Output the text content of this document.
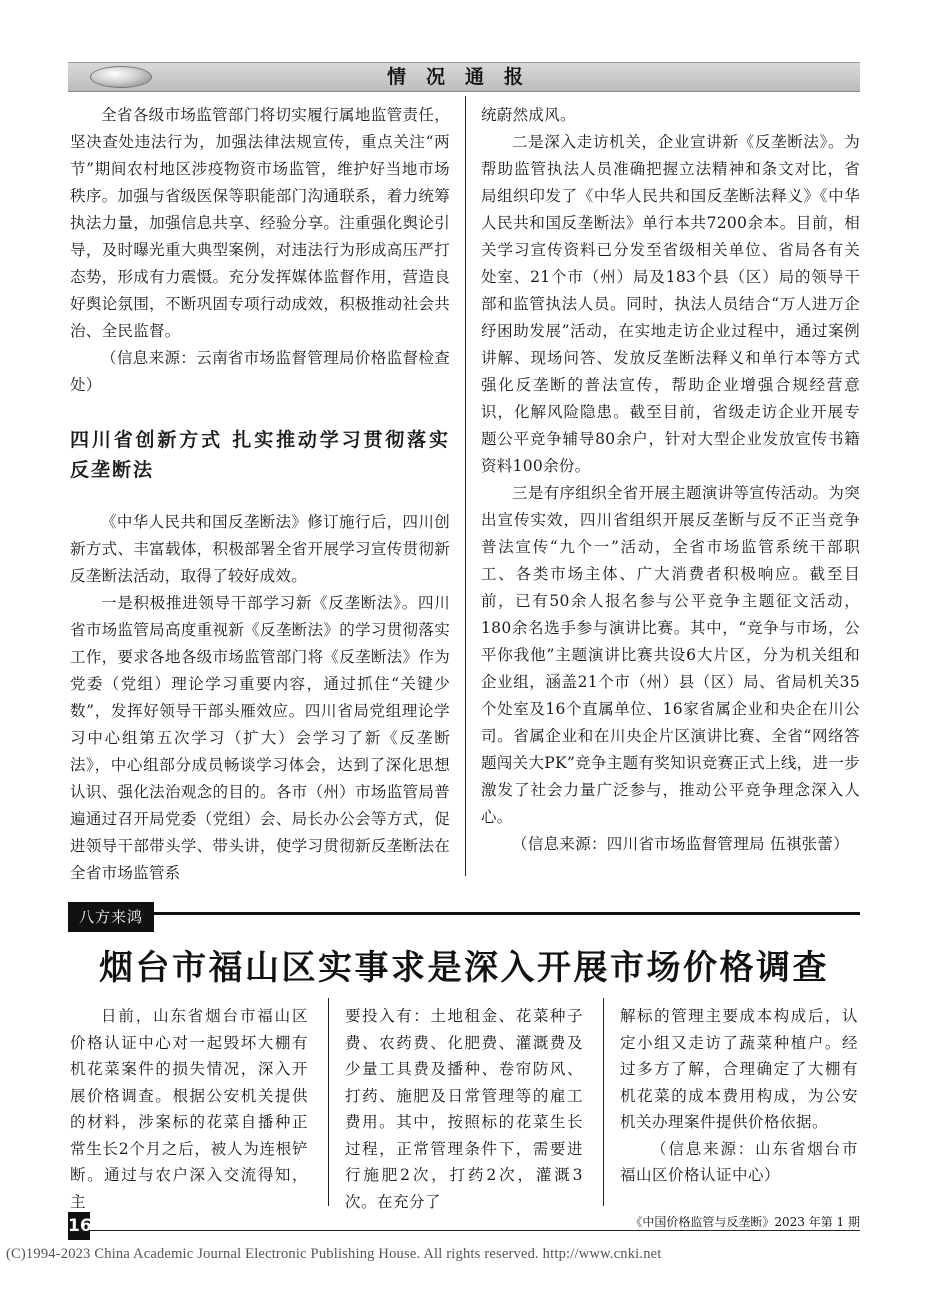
情况通报

全省各级市场监管部门将切实履行属地监管责任，坚决查处违法行为，加强法律法规宣传，重点关注“两节”期间农村地区涉疫物资市场监管，维护好当地市场秩序。加强与省级医保等职能部门沟通联系，着力统筹执法力量，加强信息共享、经验分享。注重强化舆论引导，及时曝光重大典型案例，对违法行为形成高压严打态势，形成有力震慑。充分发挥媒体监督作用，营造良好舆论氛围，不断巩固专项行动成效，积极推动社会共治、全民监督。

（信息来源：云南省市场监督管理局价格监督检查处）

四川省创新方式 扎实推动学习贯彻落实反垄断法

《中华人民共和国反垄断法》修订施行后，四川创新方式、丰富载体，积极部署全省开展学习宣传贯彻新反垄断法活动，取得了较好成效。

一是积极推进领导干部学习新《反垄断法》。四川省市场监管局高度重视新《反垄断法》的学习贯彻落实工作，要求各地各级市场监管部门将《反垄断法》作为党委（党组）理论学习重要内容，通过抓住“关键少数”，发挥好领导干部头雁效应。四川省局党组理论学习中心组第五次学习（扩大）会学习了新《反垄断法》，中心组部分成员畅谈学习体会，达到了深化思想认识、强化法治观念的目的。各市（州）市场监管局普遍通过召开局党委（党组）会、局长办公会等方式，促进领导干部带头学、带头讲，使学习贯彻新反垄断法在全省市场监管系

统蔚然成风。

二是深入走访机关，企业宣讲新《反垄断法》。为帮助监管执法人员准确把握立法精神和条文对比，省局组织印发了《中华人民共和国反垄断法释义》《中华人民共和国反垄断法》单行本共7200余本。目前，相关学习宣传资料已分发至省级相关单位、省局各有关处室、21个市（州）局及183个县（区）局的领导干部和监管执法人员。同时，执法人员结合“万人进万企 纾困助发展”活动，在实地走访企业过程中，通过案例讲解、现场问答、发放反垄断法释义和单行本等方式强化反垄断的普法宣传，帮助企业增强合规经营意识，化解风险隐患。截至目前，省级走访企业开展专题公平竞争辅导80余户，针对大型企业发放宣传书籍资料100余份。

三是有序组织全省开展主题演讲等宣传活动。为突出宣传实效，四川省组织开展反垄断与反不正当竞争普法宣传“九个一”活动，全省市场监管系统干部职工、各类市场主体、广大消费者积极响应。截至目前，已有50余人报名参与公平竞争主题征文活动，180余名选手参与演讲比赛。其中，“竞争与市场，公平你我他”主题演讲比赛共设6大片区，分为机关组和企业组，涵盖21个市（州）县（区）局、省局机关35个处室及16个直属单位、16家省属企业和央企在川公司。省属企业和在川央企片区演讲比赛、全省“网络答题闯关大PK”竞争主题有奖知识竞赛正式上线，进一步激发了社会力量广泛参与，推动公平竞争理念深入人心。

（信息来源：四川省市场监督管理局 伍祺张蕾）

八方来鸿
烟台市福山区实事求是深入开展市场价格调查

日前，山东省烟台市福山区价格认证中心对一起毁坏大棚有机花菜案件的损失情况，深入开展价格调查。根据公安机关提供的材料，涉案标的花菜自播种正常生长2个月之后，被人为连根铲断。通过与农户深入交流得知，主

要投入有：土地租金、花菜种子费、农药费、化肥费、灌溉费及少量工具费及播种、卷帘防风、打药、施肥及日常管理等的雇工费用。其中，按照标的花菜生长过程，正常管理条件下，需要进行施肥2次，打药2次，灌溉3次。在充分了

解标的管理主要成本构成后，认定小组又走访了蔬菜种植户。经过多方了解，合理确定了大棚有机花菜的成本费用构成，为公安机关办理案件提供价格依据。

（信息来源：山东省烟台市福山区价格认证中心）

16	《中国价格监管与反垄断》2023 年第 1 期
(C)1994-2023 China Academic Journal Electronic Publishing House. All rights reserved. http://www.cnki.net
